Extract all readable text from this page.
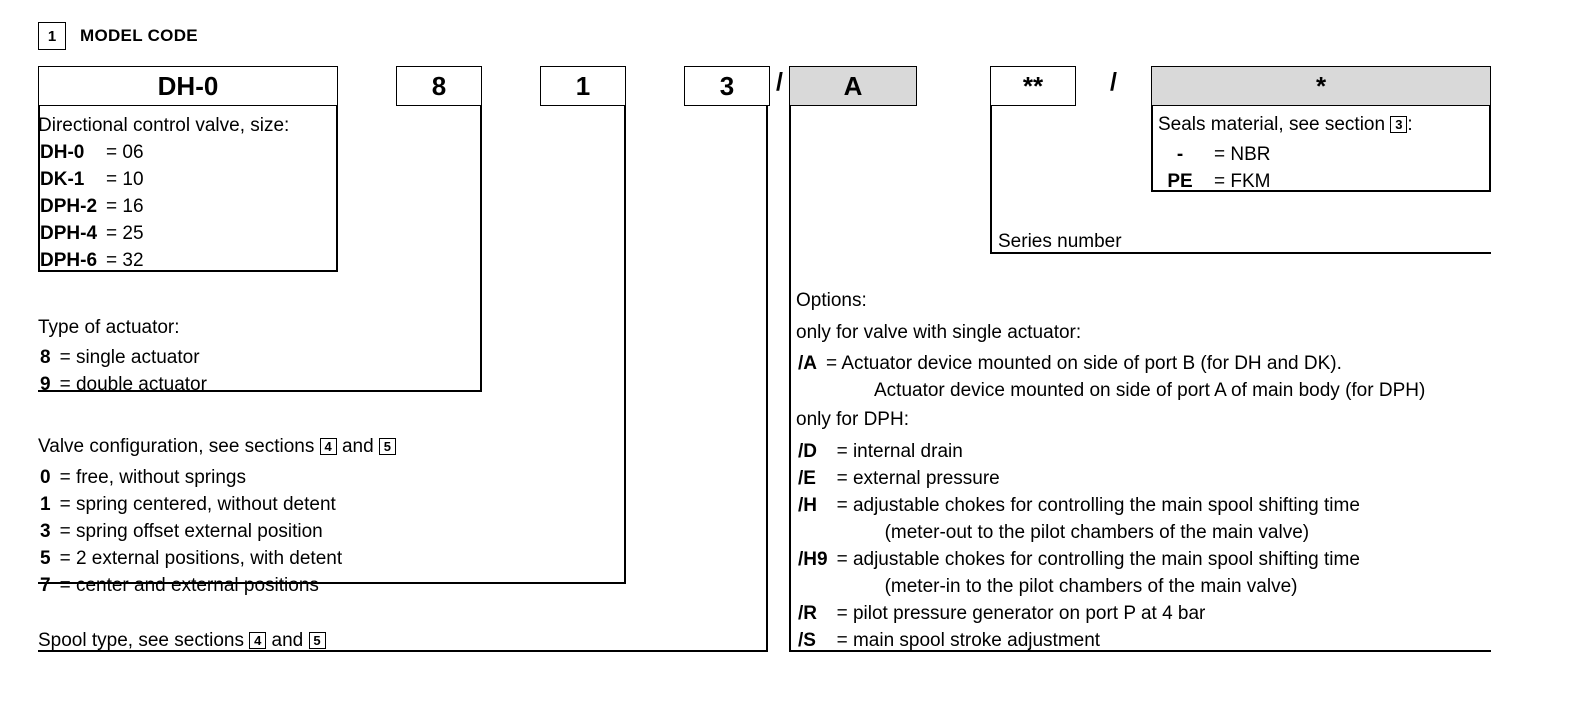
1	MODEL CODE
DH-0	8	1	3	/	A	**	/	*
Directional control valve, size:
DH-0	= 06
DK-1	= 10
DPH-2	= 16
DPH-4	= 25
DPH-6	= 32
Type of actuator:
8	= single actuator
9	= double actuator
Valve configuration, see sections 4 and 5
0	= free, without springs
1	= spring centered, without detent
3	= spring offset external position
5	= 2 external positions, with detent
7	= center and external positions
Spool type, see sections 4 and 5
Options:
only for valve with single actuator:
/A	= Actuator device mounted on side of port B (for DH and DK).
	Actuator device mounted on side of port A of main body (for DPH)
only for DPH:
/D	= internal drain
/E	= external pressure
/H	= adjustable chokes for controlling the main spool shifting time
	(meter-out to the pilot chambers of the main valve)
/H9	= adjustable chokes for controlling the main spool shifting time
	(meter-in to the pilot chambers of the main valve)
/R	= pilot pressure generator on port P at 4 bar
/S	= main spool stroke adjustment
Series number
Seals material, see section 3 :
-	= NBR
PE	= FKM
